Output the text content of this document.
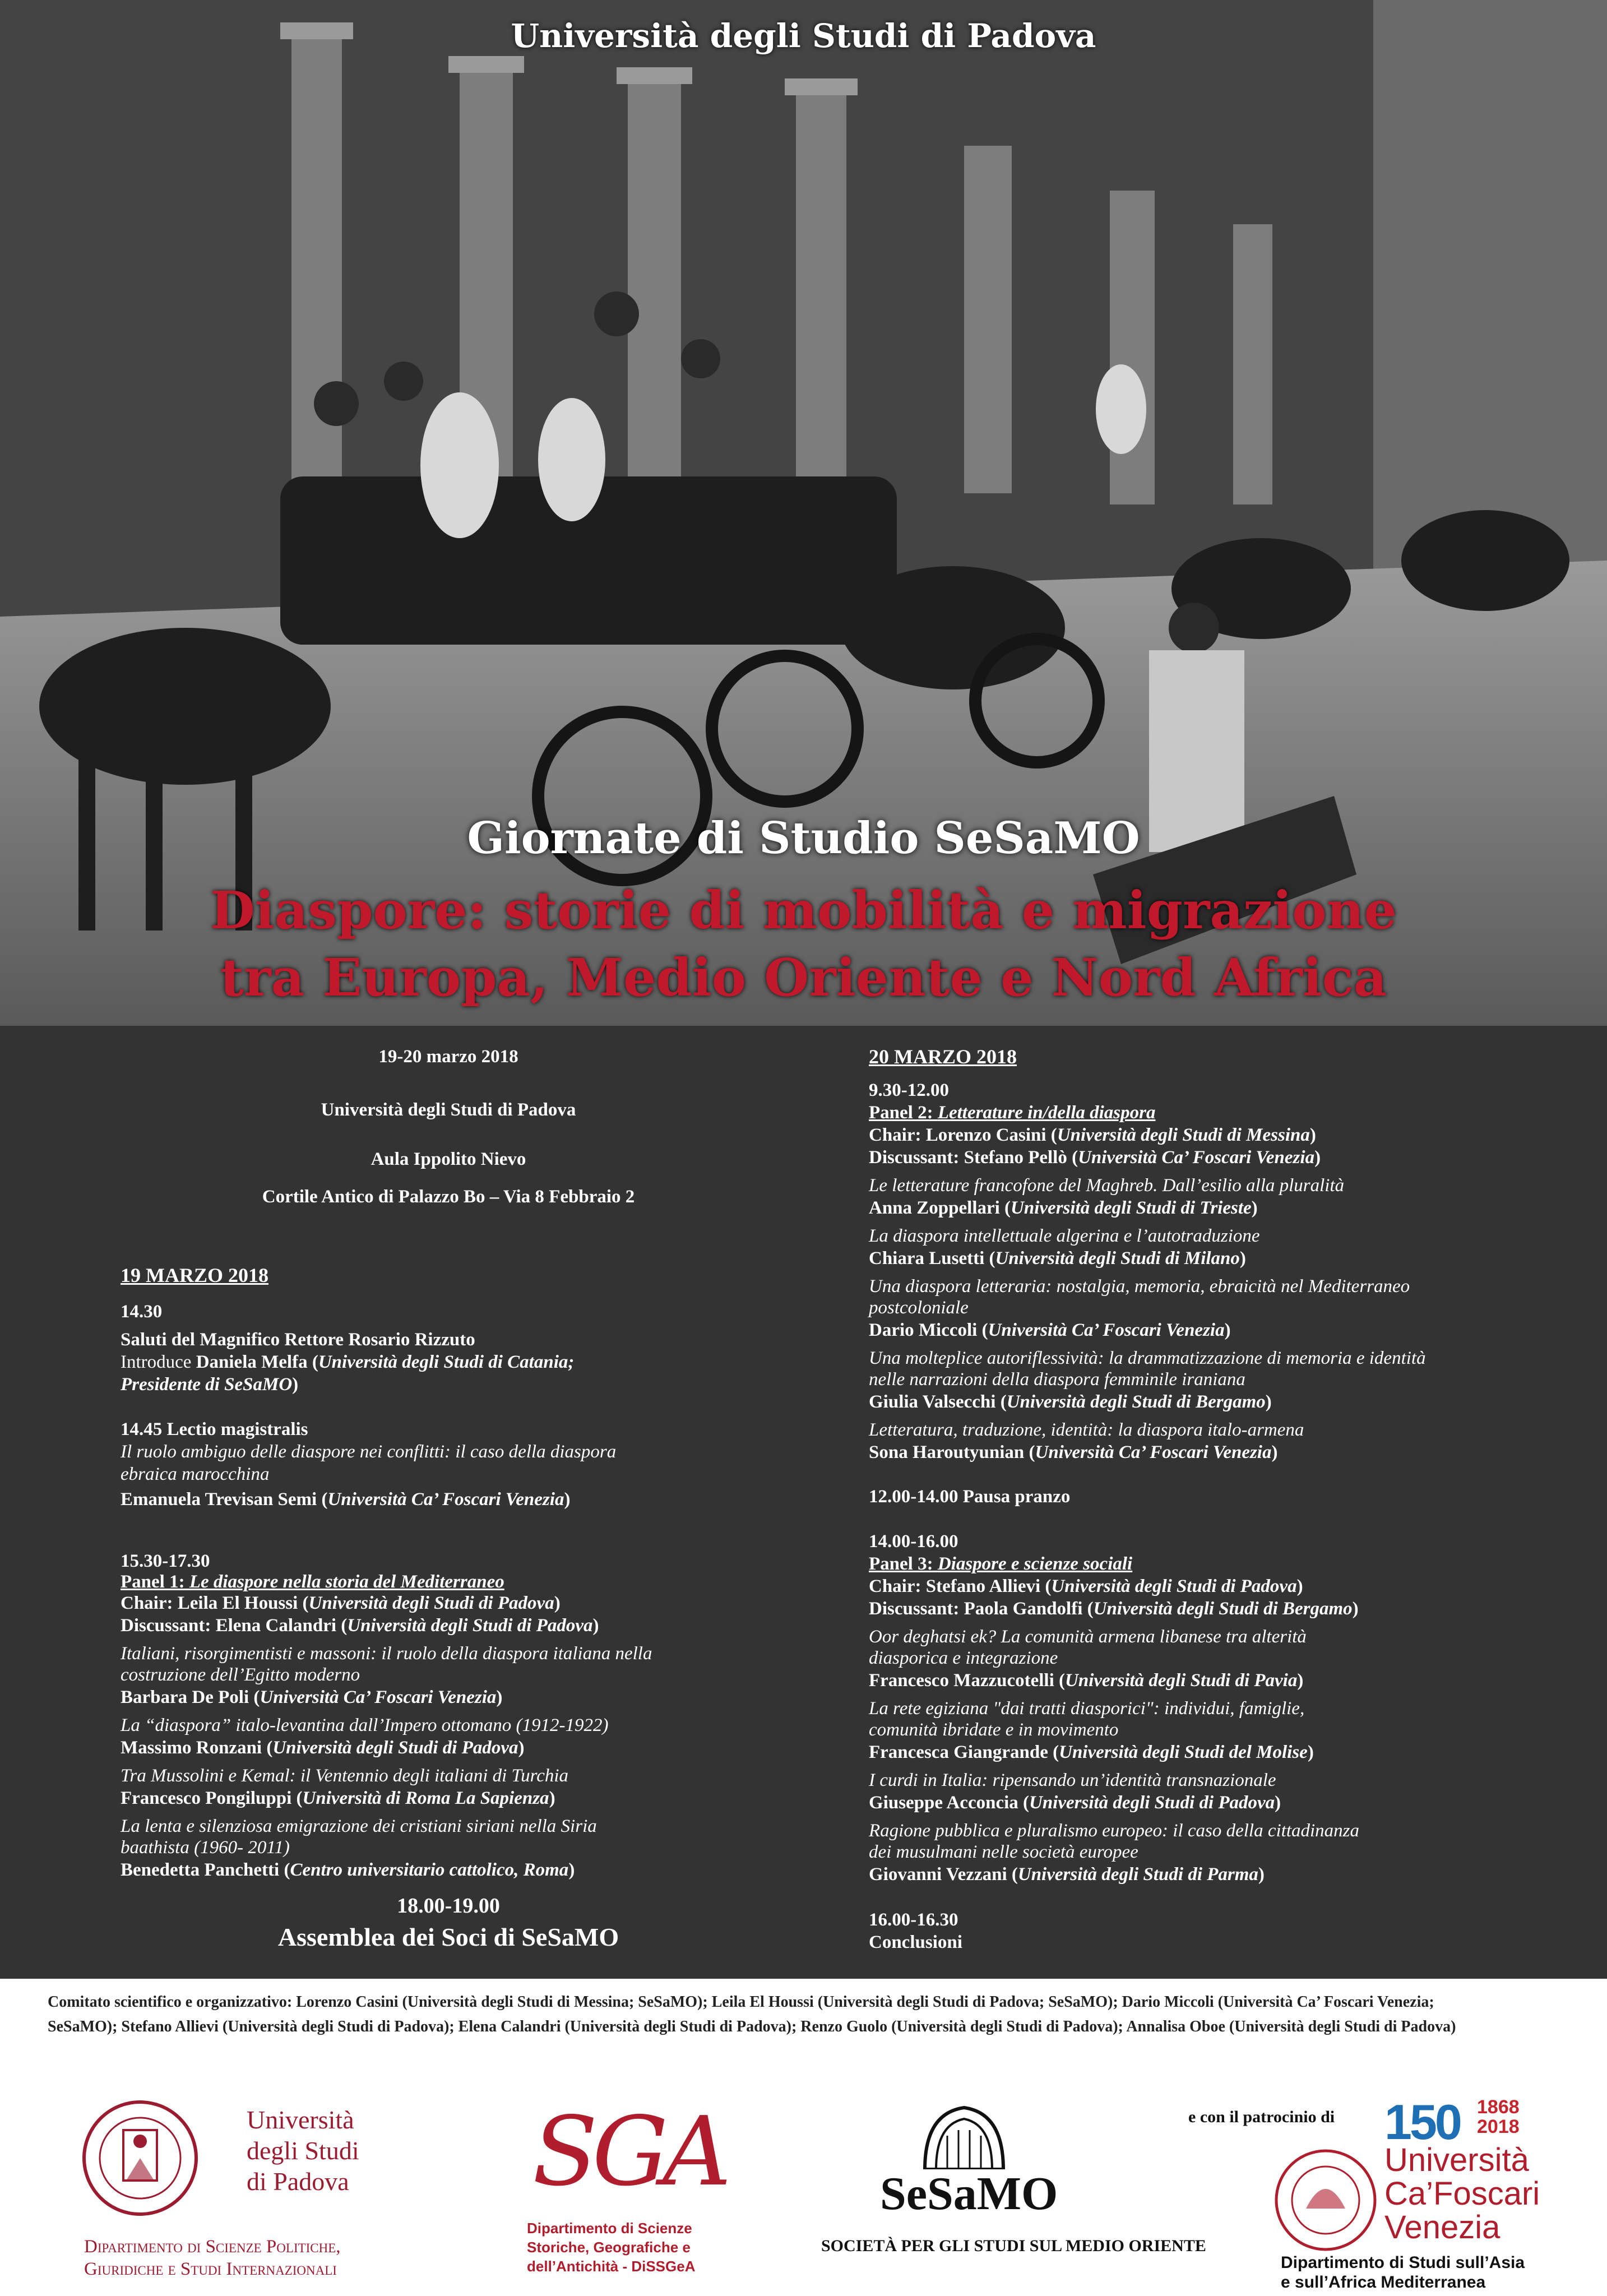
Università degli Studi di Padova
Giornate di Studio SeSaMO
Diaspore: storie di mobilità e migrazione
tra Europa, Medio Oriente e Nord Africa
19-20 marzo 2018
Università degli Studi di Padova
Aula Ippolito Nievo
Cortile Antico di Palazzo Bo – Via 8 Febbraio 2
19 MARZO 2018
14.30
Saluti del Magnifico Rettore Rosario Rizzuto
Introduce Daniela Melfa (Università degli Studi di Catania;
Presidente di SeSaMO)
14.45 Lectio magistralis
Il ruolo ambiguo delle diaspore nei conflitti: il caso della diaspora
ebraica marocchina
Emanuela Trevisan Semi (Università Ca’ Foscari Venezia)
15.30-17.30
Panel 1: Le diaspore nella storia del Mediterraneo
Chair: Leila El Houssi (Università degli Studi di Padova)
Discussant: Elena Calandri (Università degli Studi di Padova)
Italiani, risorgimentisti e massoni: il ruolo della diaspora italiana nella
costruzione dell’Egitto moderno
Barbara De Poli (Università Ca’ Foscari Venezia)
La “diaspora” italo-levantina dall’Impero ottomano (1912-1922)
Massimo Ronzani (Università degli Studi di Padova)
Tra Mussolini e Kemal: il Ventennio degli italiani di Turchia
Francesco Pongiluppi (Università di Roma La Sapienza)
La lenta e silenziosa emigrazione dei cristiani siriani nella Siria
baathista (1960- 2011)
Benedetta Panchetti (Centro universitario cattolico, Roma)
18.00-19.00
Assemblea dei Soci di SeSaMO
20 MARZO 2018
9.30-12.00
Panel 2: Letterature in/della diaspora
Chair: Lorenzo Casini (Università degli Studi di Messina)
Discussant: Stefano Pellò (Università Ca’ Foscari Venezia)
Le letterature francofone del Maghreb. Dall’esilio alla pluralità
Anna Zoppellari (Università degli Studi di Trieste)
La diaspora intellettuale algerina e l’autotraduzione
Chiara Lusetti (Università degli Studi di Milano)
Una diaspora letteraria: nostalgia, memoria, ebraicità nel Mediterraneo
postcoloniale
Dario Miccoli (Università Ca’ Foscari Venezia)
Una molteplice autoriflessività: la drammatizzazione di memoria e identità
nelle narrazioni della diaspora femminile iraniana
Giulia Valsecchi (Università degli Studi di Bergamo)
Letteratura, traduzione, identità: la diaspora italo-armena
Sona Haroutyunian (Università Ca’ Foscari Venezia)
12.00-14.00 Pausa pranzo
14.00-16.00
Panel 3: Diaspore e scienze sociali
Chair: Stefano Allievi (Università degli Studi di Padova)
Discussant: Paola Gandolfi (Università degli Studi di Bergamo)
Oor deghatsi ek? La comunità armena libanese tra alterità
diasporica e integrazione
Francesco Mazzucotelli (Università degli Studi di Pavia)
La rete egiziana "dai tratti diasporici": individui, famiglie,
comunità ibridate e in movimento
Francesca Giangrande (Università degli Studi del Molise)
I curdi in Italia: ripensando un’identità transnazionale
Giuseppe Acconcia (Università degli Studi di Padova)
Ragione pubblica e pluralismo europeo: il caso della cittadinanza
dei musulmani nelle società europee
Giovanni Vezzani (Università degli Studi di Parma)
16.00-16.30
Conclusioni
Comitato scientifico e organizzativo: Lorenzo Casini (Università degli Studi di Messina; SeSaMO); Leila El Houssi (Università degli Studi di Padova; SeSaMO); Dario Miccoli (Università Ca’ Foscari Venezia;
SeSaMO); Stefano Allievi (Università degli Studi di Padova); Elena Calandri (Università degli Studi di Padova); Renzo Guolo (Università degli Studi di Padova); Annalisa Oboe (Università degli Studi di Padova)
Università
degli Studi
di Padova
Dipartimento di Scienze Politiche,
Giuridiche e Studi Internazionali
SGA
Dipartimento di Scienze
Storiche, Geografiche e
dell’Antichità - DiSSGeA
SeSaMO
SOCIETÀ PER GLI STUDI SUL MEDIO ORIENTE
e con il patrocinio di 150 1868
2018
Università
Ca’Foscari
Venezia
Dipartimento di Studi sull’Asia
e sull’Africa Mediterranea
